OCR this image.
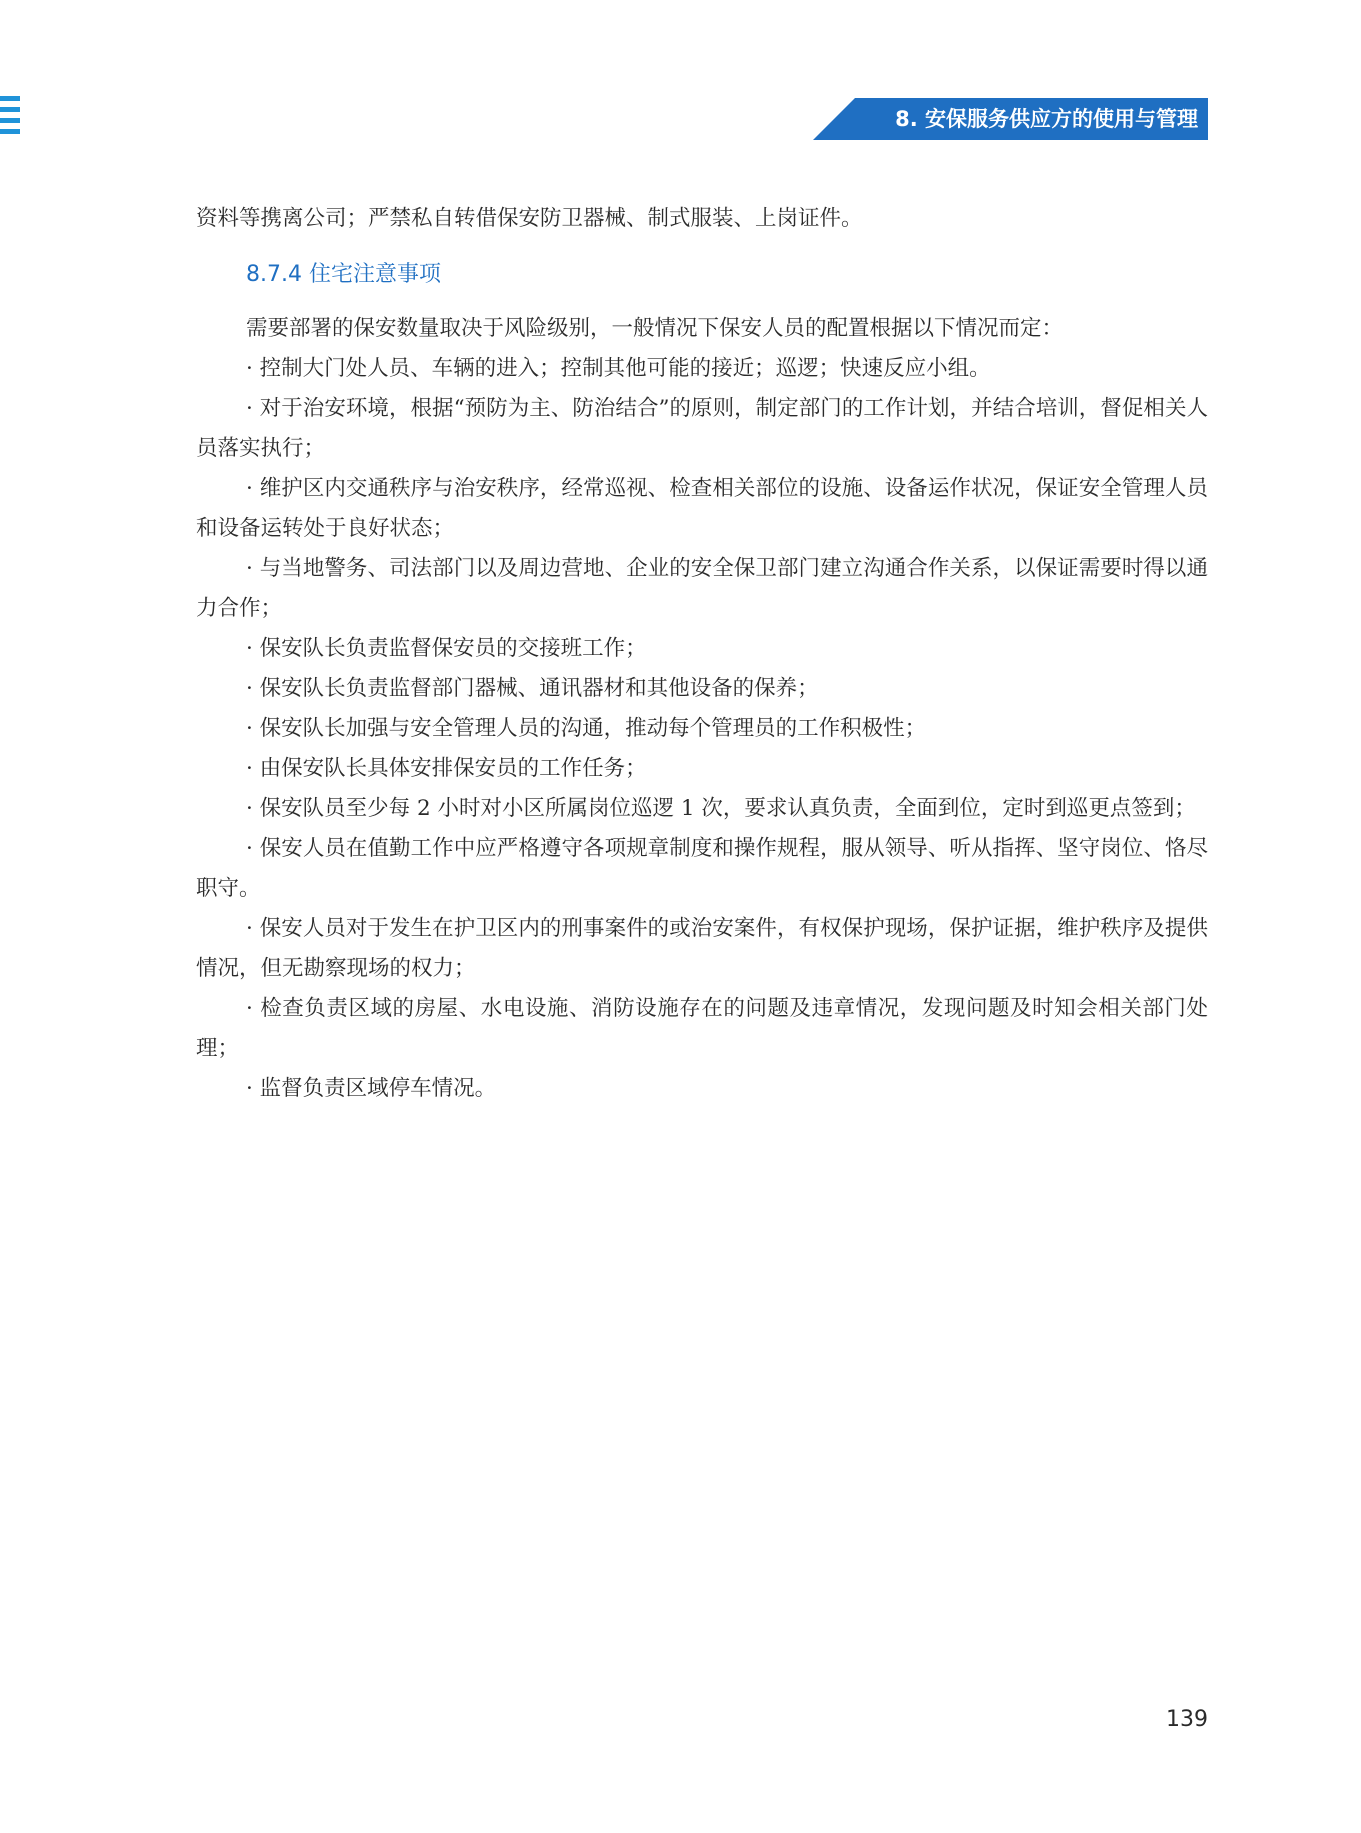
8. 安保服务供应方的使用与管理

资料等携离公司；严禁私自转借保安防卫器械、制式服装、上岗证件。

8.7.4 住宅注意事项

需要部署的保安数量取决于风险级别，一般情况下保安人员的配置根据以下情况而定：

· 控制大门处人员、车辆的进入；控制其他可能的接近；巡逻；快速反应小组。

· 对于治安环境，根据“预防为主、防治结合”的原则，制定部门的工作计划，并结合培训，督促相关人员落实执行；

· 维护区内交通秩序与治安秩序，经常巡视、检查相关部位的设施、设备运作状况，保证安全管理人员和设备运转处于良好状态；

· 与当地警务、司法部门以及周边营地、企业的安全保卫部门建立沟通合作关系，以保证需要时得以通力合作；

· 保安队长负责监督保安员的交接班工作；

· 保安队长负责监督部门器械、通讯器材和其他设备的保养；

· 保安队长加强与安全管理人员的沟通，推动每个管理员的工作积极性；

· 由保安队长具体安排保安员的工作任务；

· 保安队员至少每 2 小时对小区所属岗位巡逻 1 次，要求认真负责，全面到位，定时到巡更点签到；

· 保安人员在值勤工作中应严格遵守各项规章制度和操作规程，服从领导、听从指挥、坚守岗位、恪尽职守。

· 保安人员对于发生在护卫区内的刑事案件的或治安案件，有权保护现场，保护证据，维护秩序及提供情况，但无勘察现场的权力；

· 检查负责区域的房屋、水电设施、消防设施存在的问题及违章情况，发现问题及时知会相关部门处理；

· 监督负责区域停车情况。

139
